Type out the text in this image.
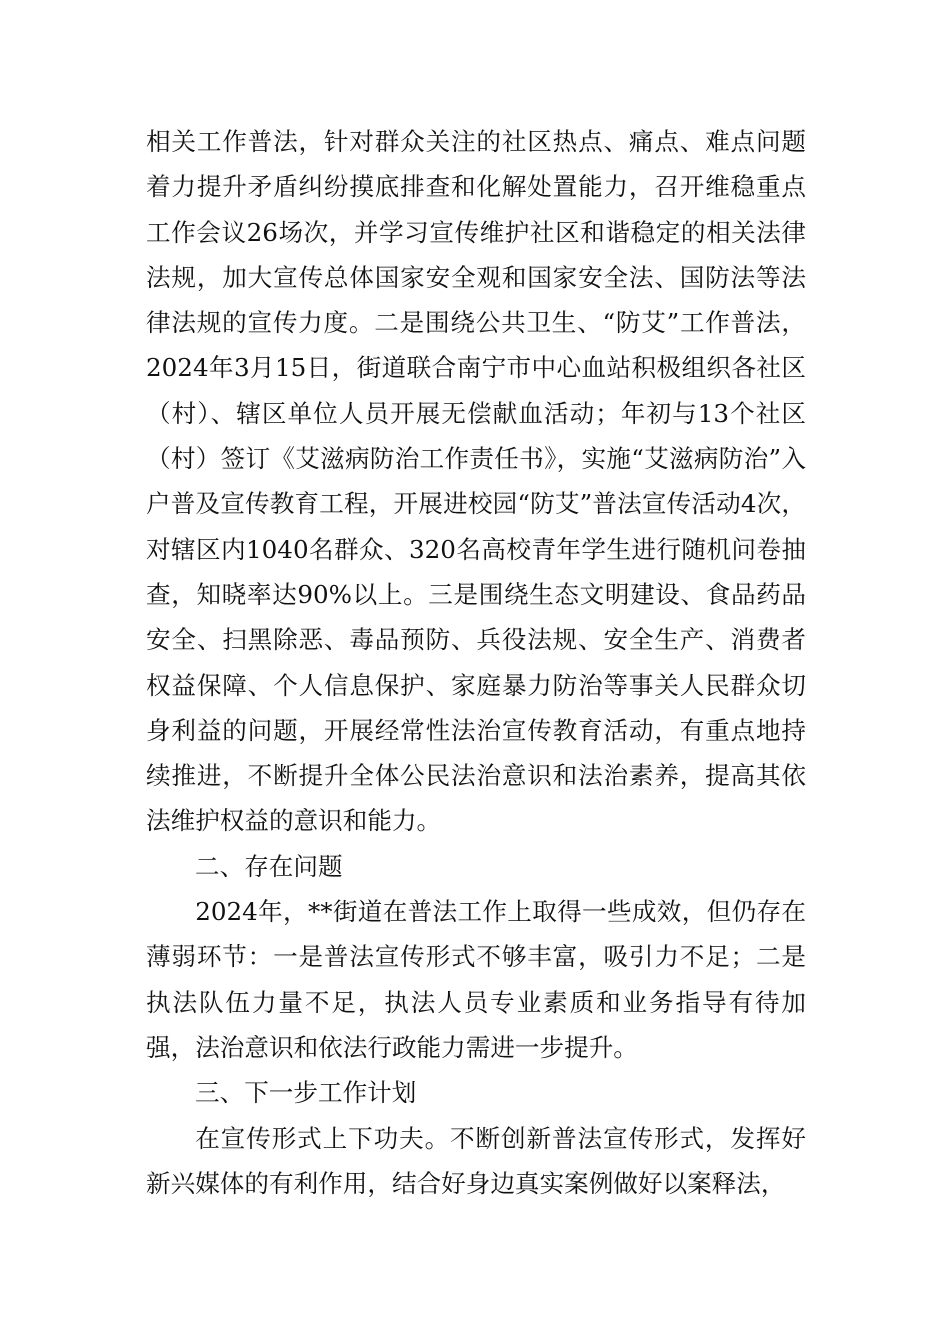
相关工作普法，针对群众关注的社区热点、痛点、难点问题着力提升矛盾纠纷摸底排查和化解处置能力，召开维稳重点工作会议26场次，并学习宣传维护社区和谐稳定的相关法律法规，加大宣传总体国家安全观和国家安全法、国防法等法律法规的宣传力度。二是围绕公共卫生、“防艾”工作普法，2024年3月15日，街道联合南宁市中心血站积极组织各社区（村）、辖区单位人员开展无偿献血活动；年初与13个社区（村）签订《艾滋病防治工作责任书》，实施“艾滋病防治”入户普及宣传教育工程，开展进校园“防艾”普法宣传活动4次，对辖区内1040名群众、320名高校青年学生进行随机问卷抽查，知晓率达90%以上。三是围绕生态文明建设、食品药品安全、扫黑除恶、毒品预防、兵役法规、安全生产、消费者权益保障、个人信息保护、家庭暴力防治等事关人民群众切身利益的问题，开展经常性法治宣传教育活动，有重点地持续推进，不断提升全体公民法治意识和法治素养，提高其依法维护权益的意识和能力。

二、存在问题

2024年，**街道在普法工作上取得一些成效，但仍存在薄弱环节：一是普法宣传形式不够丰富，吸引力不足；二是执法队伍力量不足，执法人员专业素质和业务指导有待加强，法治意识和依法行政能力需进一步提升。

三、下一步工作计划

在宣传形式上下功夫。不断创新普法宣传形式，发挥好新兴媒体的有利作用，结合好身边真实案例做好以案释法，
